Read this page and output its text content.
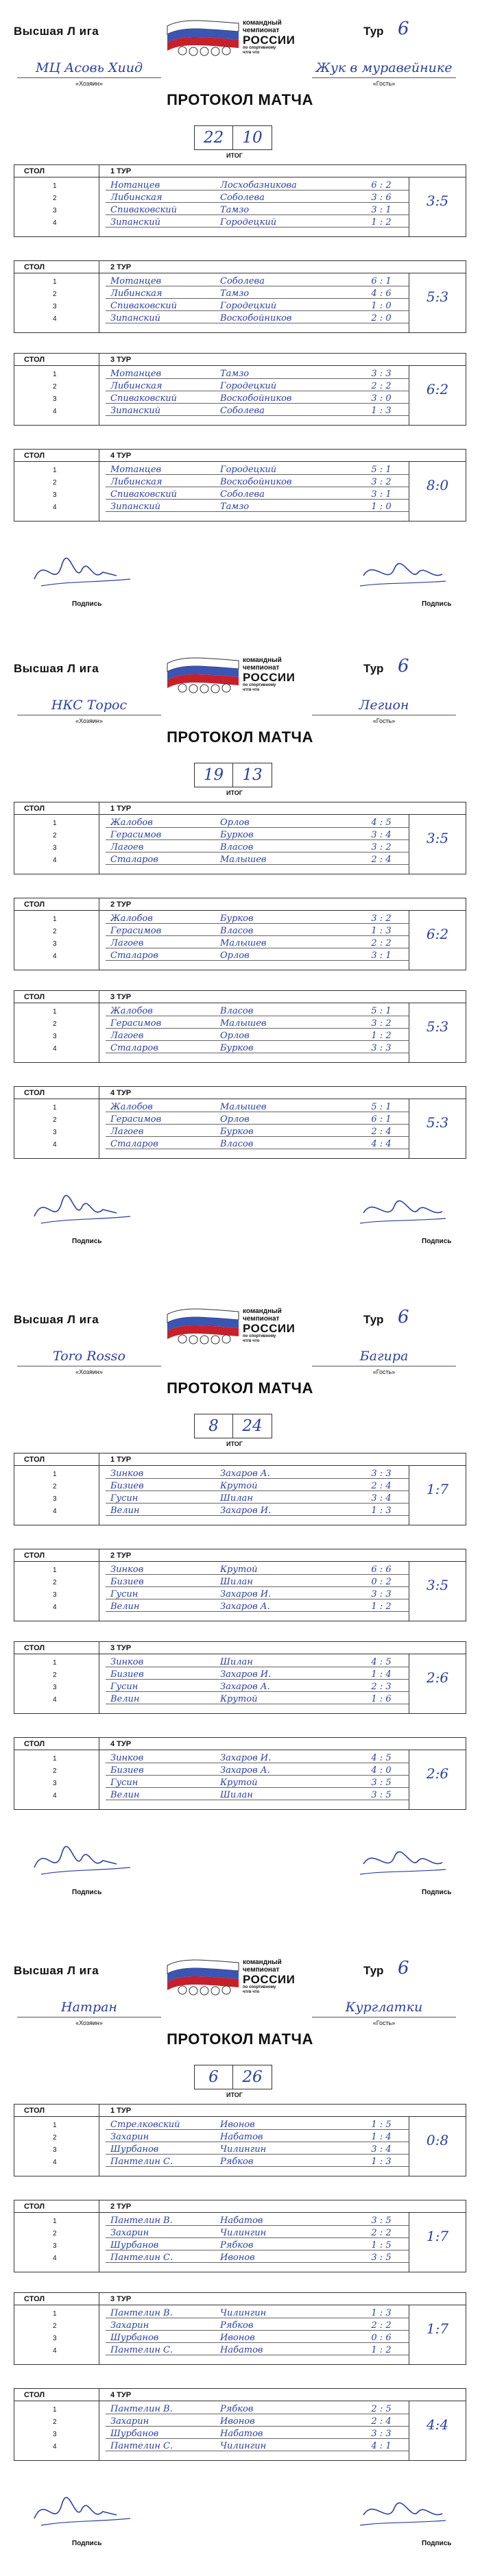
Высшая Л ига
командный
чемпионат
РОССИИ
по спортивному
чтгв что
Тур 6
МЦ Асовь Хиид
«Хозяин»
Жук в муравейнике
«Гость»
ПРОТОКОЛ МАТЧА
22	10
ИТОГ
СТОЛ	1 ТУР
3:5
1	Нотанцев	Лосхобазникова	6 : 2
2	Либинская	Соболева	3 : 6
3	Спиваковский	Тамзо	3 : 1
4	Зипанский	Городецкий	1 : 2
СТОЛ	2 ТУР
5:3
1	Мотанцев	Соболева	6 : 1
2	Либинская	Тамзо	4 : 6
3	Спиваковский	Городецкий	1 : 0
4	Зипанский	Воскобойников	2 : 0
СТОЛ	3 ТУР
6:2
1	Мотанцев	Тамзо	3 : 3
2	Либинская	Городецкий	2 : 2
3	Спиваковский	Воскобойников	3 : 0
4	Зипанский	Соболева	1 : 3
СТОЛ	4 ТУР
8:0
1	Мотанцев	Городецкий	5 : 1
2	Либинская	Воскобойников	3 : 2
3	Спиваковский	Соболева	3 : 1
4	Зипанский	Тамзо	1 : 0
Подпись	Подпись
Высшая Л ига
командный
чемпионат
РОССИИ
по спортивному
чтгв что
Тур 6
НКС Торос
«Хозяин»
Легион
«Гость»
ПРОТОКОЛ МАТЧА
19	13
ИТОГ
СТОЛ	1 ТУР
3:5
1	Жалобов	Орлов	4 : 5
2	Герасимов	Бурков	3 : 4
3	Лагоев	Власов	3 : 2
4	Сталаров	Малышев	2 : 4
СТОЛ	2 ТУР
6:2
1	Жалобов	Бурков	3 : 2
2	Герасимов	Власов	1 : 3
3	Лагоев	Малышев	2 : 2
4	Сталаров	Орлов	3 : 1
СТОЛ	3 ТУР
5:3
1	Жалобов	Власов	5 : 1
2	Герасимов	Малышев	3 : 2
3	Лагоев	Орлов	1 : 2
4	Сталаров	Бурков	3 : 3
СТОЛ	4 ТУР
5:3
1	Жалобов	Малышев	5 : 1
2	Герасимов	Орлов	6 : 1
3	Лагоев	Бурков	2 : 4
4	Сталаров	Власов	4 : 4
Подпись	Подпись
Высшая Л ига
командный
чемпионат
РОССИИ
по спортивному
чтгв что
Тур 6
Toro Rosso
«Хозяин»
Багира
«Гость»
ПРОТОКОЛ МАТЧА
8	24
ИТОГ
СТОЛ	1 ТУР
1:7
1	Зинков	Захаров А.	3 : 3
2	Бизиев	Крутой	2 : 4
3	Гусин	Шилан	3 : 4
4	Велин	Захаров И.	1 : 3
СТОЛ	2 ТУР
3:5
1	Зинков	Крутой	6 : 6
2	Бизиев	Шилан	0 : 2
3	Гусин	Захаров И.	3 : 3
4	Велин	Захаров А.	1 : 2
СТОЛ	3 ТУР
2:6
1	Зинков	Шилан	4 : 5
2	Бизиев	Захаров И.	1 : 4
3	Гусин	Захаров А.	2 : 3
4	Велин	Крутой	1 : 6
СТОЛ	4 ТУР
2:6
1	Зинков	Захаров И.	4 : 5
2	Бизиев	Захаров А.	4 : 0
3	Гусин	Крутой	3 : 5
4	Велин	Шилан	3 : 5
Подпись	Подпись
Высшая Л ига
командный
чемпионат
РОССИИ
по спортивному
чтгв что
Тур 6
Натран
«Хозяин»
Курглатки
«Гость»
ПРОТОКОЛ МАТЧА
6	26
ИТОГ
СТОЛ	1 ТУР
0:8
1	Стрелковский	Ивонов	1 : 5
2	Захарин	Набатов	1 : 4
3	Шурбанов	Чилингин	3 : 4
4	Пантелин С.	Рябков	1 : 3
СТОЛ	2 ТУР
1:7
1	Пантелин В.	Набатов	3 : 5
2	Захарин	Чилингин	2 : 2
3	Шурбанов	Рябков	1 : 5
4	Пантелин С.	Ивонов	3 : 5
СТОЛ	3 ТУР
1:7
1	Пантелин В.	Чилингин	1 : 3
2	Захарин	Рябков	2 : 2
3	Шурбанов	Ивонов	0 : 6
4	Пантелин С.	Набатов	1 : 2
СТОЛ	4 ТУР
4:4
1	Пантелин В.	Рябков	2 : 5
2	Захарин	Ивонов	2 : 4
3	Шурбанов	Набатов	3 : 3
4	Пантелин С.	Чилингин	4 : 1
Подпись	Подпись
